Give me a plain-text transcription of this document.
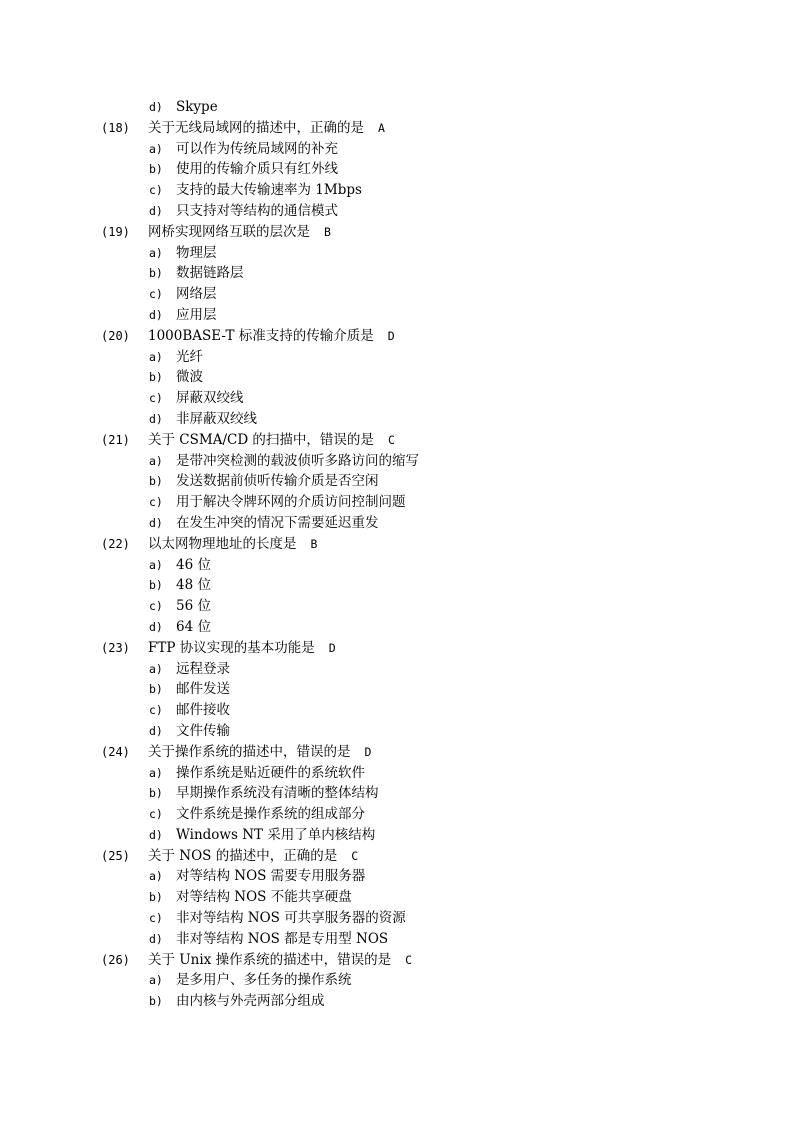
d) Skype
(18)	关于无线局域网的描述中，正确的是 A
a) 可以作为传统局域网的补充
b) 使用的传输介质只有红外线
c) 支持的最大传输速率为 1Mbps
d) 只支持对等结构的通信模式
(19)	网桥实现网络互联的层次是 B
a) 物理层
b) 数据链路层
c) 网络层
d) 应用层
(20)	1000BASE-T 标准支持的传输介质是 D
a) 光纤
b) 微波
c) 屏蔽双绞线
d) 非屏蔽双绞线
(21)	关于 CSMA/CD 的扫描中，错误的是 C
a) 是带冲突检测的载波侦听多路访问的缩写
b) 发送数据前侦听传输介质是否空闲
c) 用于解决令牌环网的介质访问控制问题
d) 在发生冲突的情况下需要延迟重发
(22)	以太网物理地址的长度是 B
a) 46 位
b) 48 位
c) 56 位
d) 64 位
(23)	FTP 协议实现的基本功能是 D
a) 远程登录
b) 邮件发送
c) 邮件接收
d) 文件传输
(24)	关于操作系统的描述中，错误的是 D
a) 操作系统是贴近硬件的系统软件
b) 早期操作系统没有清晰的整体结构
c) 文件系统是操作系统的组成部分
d) Windows NT 采用了单内核结构
(25)	关于 NOS 的描述中，正确的是 C
a) 对等结构 NOS 需要专用服务器
b) 对等结构 NOS 不能共享硬盘
c) 非对等结构 NOS 可共享服务器的资源
d) 非对等结构 NOS 都是专用型 NOS
(26)	关于 Unix 操作系统的描述中，错误的是 C
a) 是多用户、多任务的操作系统
b) 由内核与外壳两部分组成
